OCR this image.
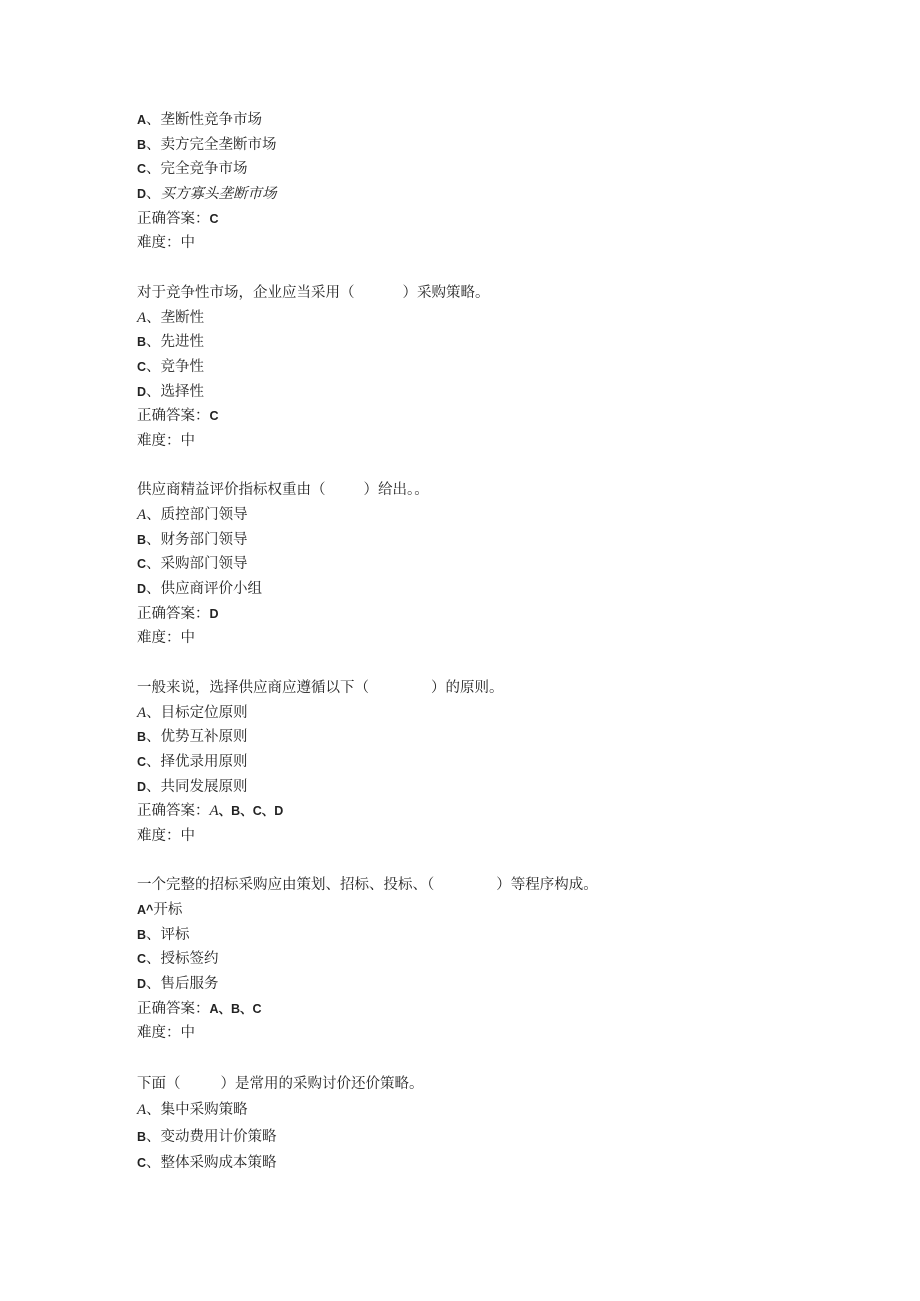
A、垄断性竞争市场
B、卖方完全垄断市场
C、完全竞争市场
D、买方寡头垄断市场
正确答案：C
难度：中
对于竞争性市场，企业应当采用（	）采购策略。
A、垄断性
B、先进性
C、竞争性
D、选择性
正确答案：C
难度：中
供应商精益评价指标权重由（	）给出。。
A、质控部门领导
B、财务部门领导
C、采购部门领导
D、供应商评价小组
正确答案：D
难度：中
一般来说，选择供应商应遵循以下（	）的原则。
A、目标定位原则
B、优势互补原则
C、择优录用原则
D、共同发展原则
正确答案：A、B、C、D
难度：中
一个完整的招标采购应由策划、招标、投标、（	）等程序构成。
A^开标
B、评标
C、授标签约
D、售后服务
正确答案：A、B、C
难度：中
下面（	）是常用的采购讨价还价策略。
A、集中采购策略
B、变动费用计价策略
C、整体采购成本策略
